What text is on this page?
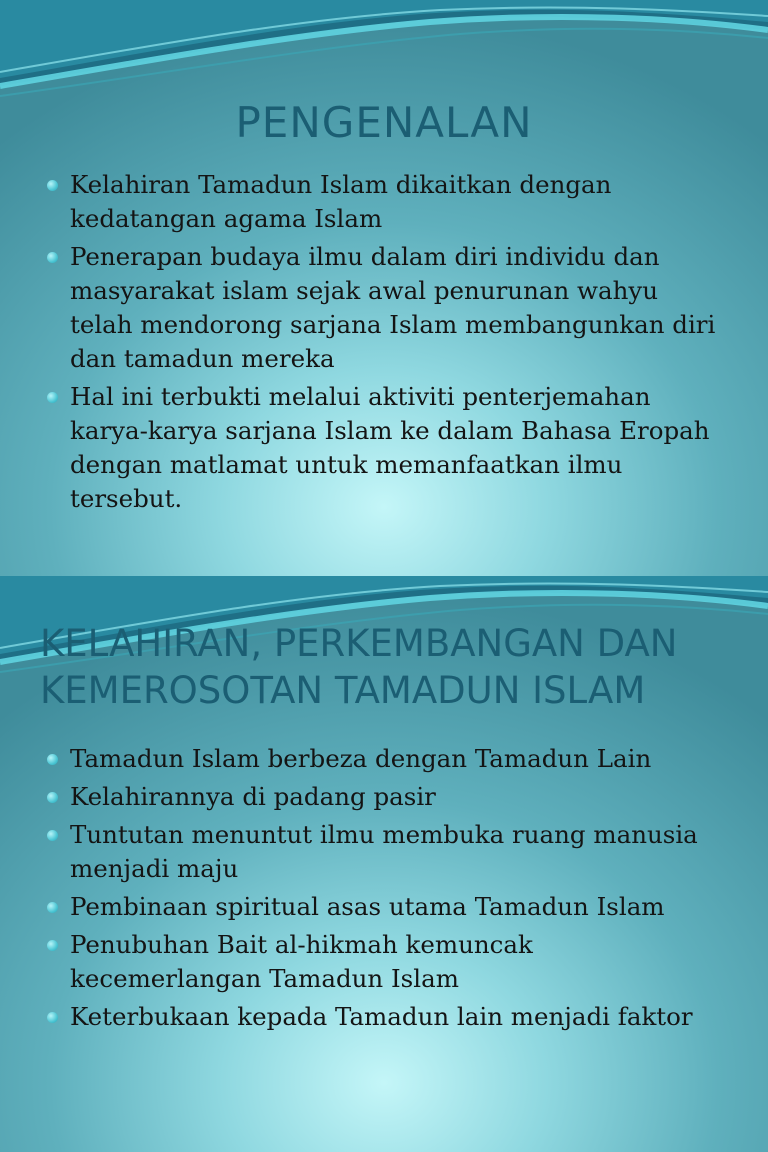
PENGENALAN
Kelahiran Tamadun Islam dikaitkan dengan kedatangan agama Islam
Penerapan budaya ilmu dalam diri individu dan masyarakat islam sejak awal penurunan wahyu telah mendorong sarjana Islam membangunkan diri dan tamadun mereka
Hal ini terbukti melalui aktiviti penterjemahan karya-karya sarjana Islam ke dalam Bahasa Eropah dengan matlamat untuk memanfaatkan ilmu tersebut.
KELAHIRAN, PERKEMBANGAN DAN KEMEROSOTAN TAMADUN ISLAM
Tamadun Islam berbeza dengan Tamadun Lain
Kelahirannya di padang pasir
Tuntutan menuntut ilmu membuka ruang manusia menjadi maju
Pembinaan spiritual asas utama Tamadun Islam
Penubuhan Bait al-hikmah kemuncak kecemerlangan Tamadun Islam
Keterbukaan kepada Tamadun lain menjadi faktor
